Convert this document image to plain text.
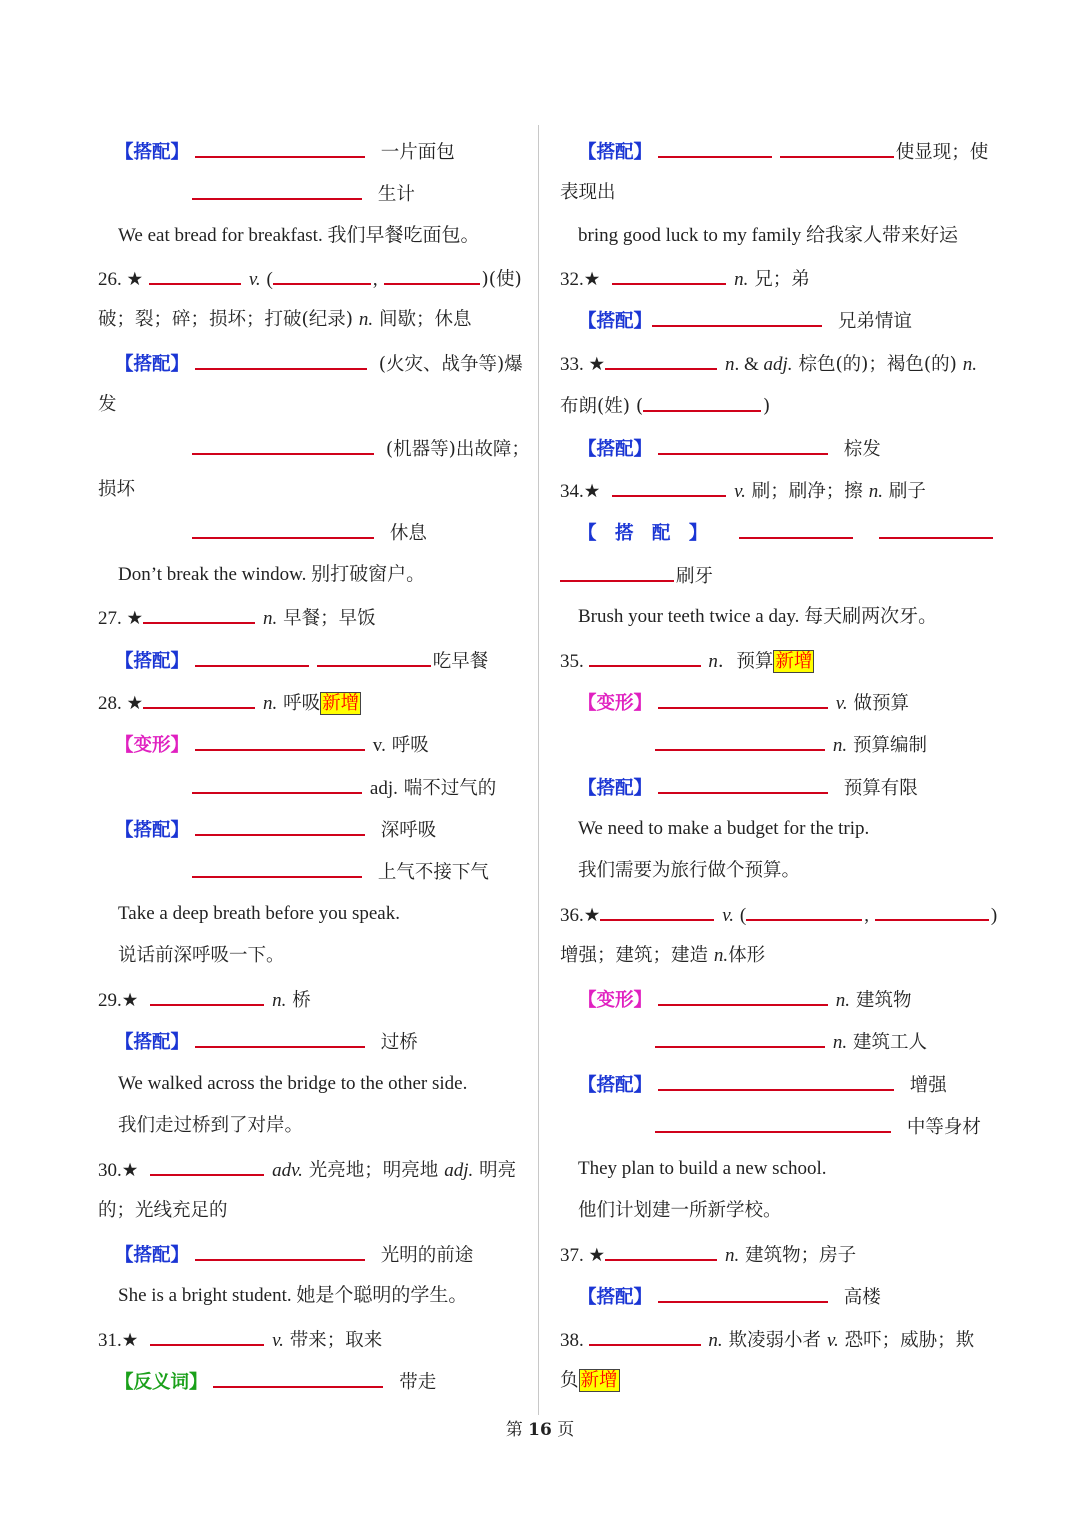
【搭配】	一片面包
生计
We eat bread for breakfast. 我们早餐吃面包。
26. ★	v. (	,	)(使)
破；裂；碎；损坏；打破(纪录) n. 间歇；休息
【搭配】	(火灾、战争等)爆
发
(机器等)出故障；
损坏
休息
Don’t break the window. 别打破窗户。
27. ★	n. 早餐；早饭
【搭配】	吃早餐
28. ★	n. 呼吸 新增
【变形】	v. 呼吸
adj. 喘不过气的
【搭配】	深呼吸
上气不接下气
Take a deep breath before you speak.
说话前深呼吸一下。
29.★	n. 桥
【搭配】	过桥
We walked across the bridge to the other side.
我们走过桥到了对岸。
30.★	adv. 光亮地；明亮地 adj. 明亮
的；光线充足的
【搭配】	光明的前途
She is a bright student. 她是个聪明的学生。
31.★	v. 带来；取来
【反义词】	带走
【搭配】	使显现；使
表现出
bring good luck to my family 给我家人带来好运
32.★	n. 兄；弟
【搭配】	兄弟情谊
33. ★	n. & adj. 棕色(的)；褐色(的) n.
布朗(姓) (	)
【搭配】	棕发
34.★	v. 刷；刷净；擦 n. 刷子
【 搭 配 】
刷牙
Brush your teeth twice a day. 每天刷两次牙。
35.	n．预算 新增
【变形】	v. 做预算
n. 预算编制
【搭配】	预算有限
We need to make a budget for the trip.
我们需要为旅行做个预算。
36.★	v. (	,	)
增强；建筑；建造 n.体形
【变形】	n. 建筑物
n. 建筑工人
【搭配】	增强
中等身材
They plan to build a new school.
他们计划建一所新学校。
37. ★	n. 建筑物；房子
【搭配】	高楼
38.	n. 欺凌弱小者 v. 恐吓；威胁；欺
负 新增
第 16 页
